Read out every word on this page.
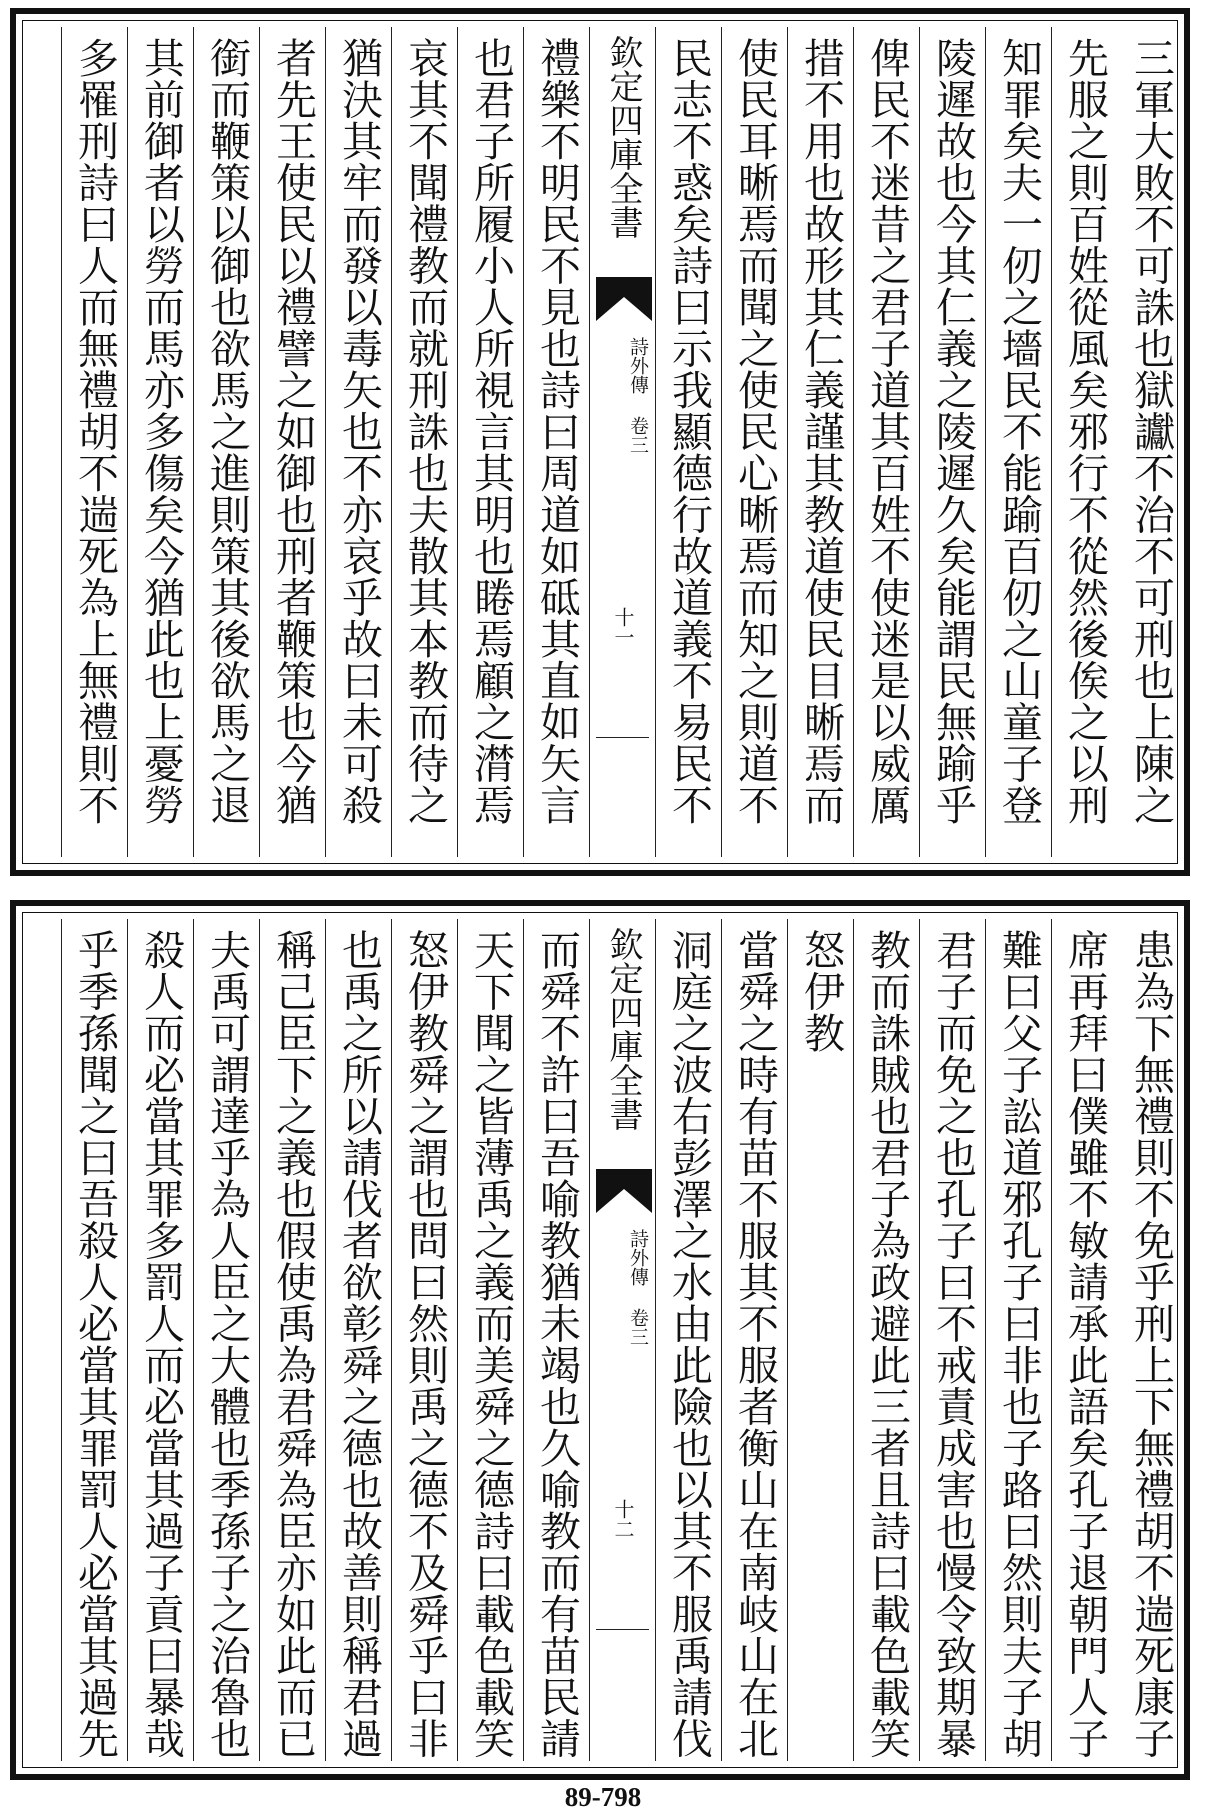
三軍大敗不可誅也獄讞不治不可刑也上陳之
先服之則百姓從風矣邪行不從然後俟之以刑
知罪矣夫一仞之墻民不能踰百仞之山童子登
陵遲故也今其仁義之陵遲久矣能謂民無踰乎
俾民不迷昔之君子道其百姓不使迷是以威厲
措不用也故形其仁義謹其教道使民目晰焉而
使民耳晰焉而聞之使民心晰焉而知之則道不
民志不惑矣詩曰示我顯德行故道義不易民不
欽定四庫全書
詩外傳 卷三
十一
禮樂不明民不見也詩曰周道如砥其直如矢言
也君子所履小人所視言其明也睠焉顧之潸焉
哀其不聞禮教而就刑誅也夫散其本教而待之
猶決其牢而發以毒矢也不亦哀乎故曰未可殺
者先王使民以禮譬之如御也刑者鞭策也今猶
銜而鞭策以御也欲馬之進則策其後欲馬之退
其前御者以勞而馬亦多傷矣今猶此也上憂勞
多罹刑詩曰人而無禮胡不遄死為上無禮則不
患為下無禮則不免乎刑上下無禮胡不遄死康子
席再拜曰僕雖不敏請承此語矣孔子退朝門人子
難曰父子訟道邪孔子曰非也子路曰然則夫子胡
君子而免之也孔子曰不戒責成害也慢令致期暴
教而誅賊也君子為政避此三者且詩曰載色載笑
怒伊教
當舜之時有苗不服其不服者衡山在南岐山在北
洞庭之波右彭澤之水由此險也以其不服禹請伐
欽定四庫全書
詩外傳 卷三
十二
而舜不許曰吾喻教猶未竭也久喻教而有苗民請
天下聞之皆薄禹之義而美舜之德詩曰載色載笑
怒伊教舜之謂也問曰然則禹之德不及舜乎曰非
也禹之所以請伐者欲彰舜之德也故善則稱君過
稱己臣下之義也假使禹為君舜為臣亦如此而已
夫禹可謂達乎為人臣之大體也季孫子之治魯也
殺人而必當其罪多罰人而必當其過子貢曰暴哉
乎季孫聞之曰吾殺人必當其罪罰人必當其過先
89-798
